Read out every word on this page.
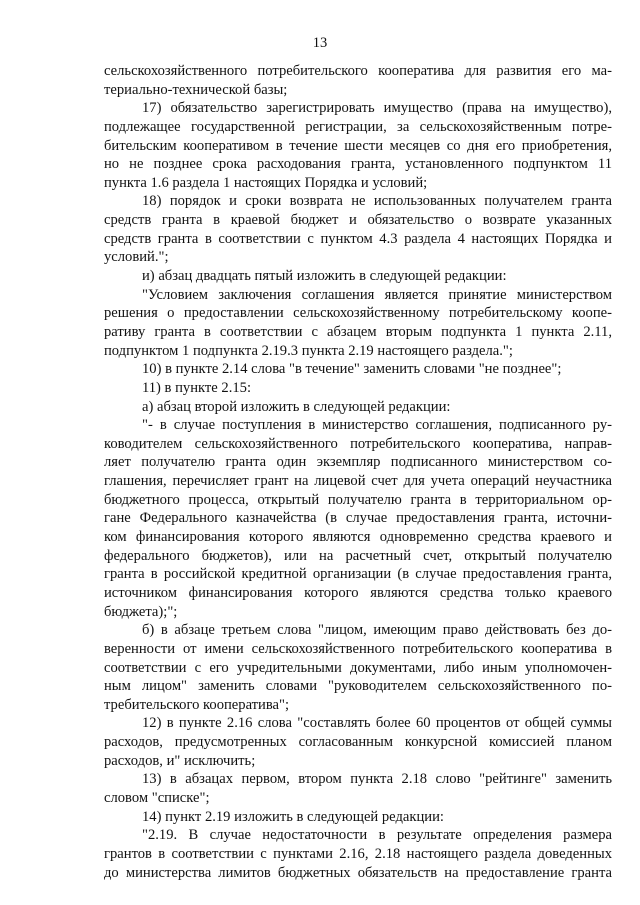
13
сельскохозяйственного потребительского кооператива для развития его ма-
териально-технической базы;
17) обязательство зарегистрировать имущество (права на имущество),
подлежащее государственной регистрации, за сельскохозяйственным потре-
бительским кооперативом в течение шести месяцев со дня его приобретения,
но не позднее срока расходования гранта, установленного подпунктом 11
пункта 1.6 раздела 1 настоящих Порядка и условий;
18) порядок и сроки возврата не использованных получателем гранта
средств гранта в краевой бюджет и обязательство о возврате указанных
средств гранта в соответствии с пунктом 4.3 раздела 4 настоящих Порядка и
условий.";
и) абзац двадцать пятый изложить в следующей редакции:
"Условием заключения соглашения является принятие министерством
решения о предоставлении сельскохозяйственному потребительскому коопе-
ративу гранта в соответствии с абзацем вторым подпункта 1 пункта 2.11,
подпунктом 1 подпункта 2.19.3 пункта 2.19 настоящего раздела.";
10) в пункте 2.14 слова "в течение" заменить словами "не позднее";
11) в пункте 2.15:
а) абзац второй изложить в следующей редакции:
"- в случае поступления в министерство соглашения, подписанного ру-
ководителем сельскохозяйственного потребительского кооператива, направ-
ляет получателю гранта один экземпляр подписанного министерством со-
глашения, перечисляет грант на лицевой счет для учета операций неучастника
бюджетного процесса, открытый получателю гранта в территориальном ор-
гане Федерального казначейства (в случае предоставления гранта, источни-
ком финансирования которого являются одновременно средства краевого и
федерального бюджетов), или на расчетный счет, открытый получателю
гранта в российской кредитной организации (в случае предоставления гранта,
источником финансирования которого являются средства только краевого
бюджета);";
б) в абзаце третьем слова "лицом, имеющим право действовать без до-
веренности от имени сельскохозяйственного потребительского кооператива в
соответствии с его учредительными документами, либо иным уполномочен-
ным лицом" заменить словами "руководителем сельскохозяйственного по-
требительского кооператива";
12) в пункте 2.16 слова "составлять более 60 процентов от общей суммы
расходов, предусмотренных согласованным конкурсной комиссией планом
расходов, и" исключить;
13) в абзацах первом, втором пункта 2.18 слово "рейтинге" заменить
словом "списке";
14) пункт 2.19 изложить в следующей редакции:
"2.19. В случае недостаточности в результате определения размера
грантов в соответствии с пунктами 2.16, 2.18 настоящего раздела доведенных
до министерства лимитов бюджетных обязательств на предоставление гранта
